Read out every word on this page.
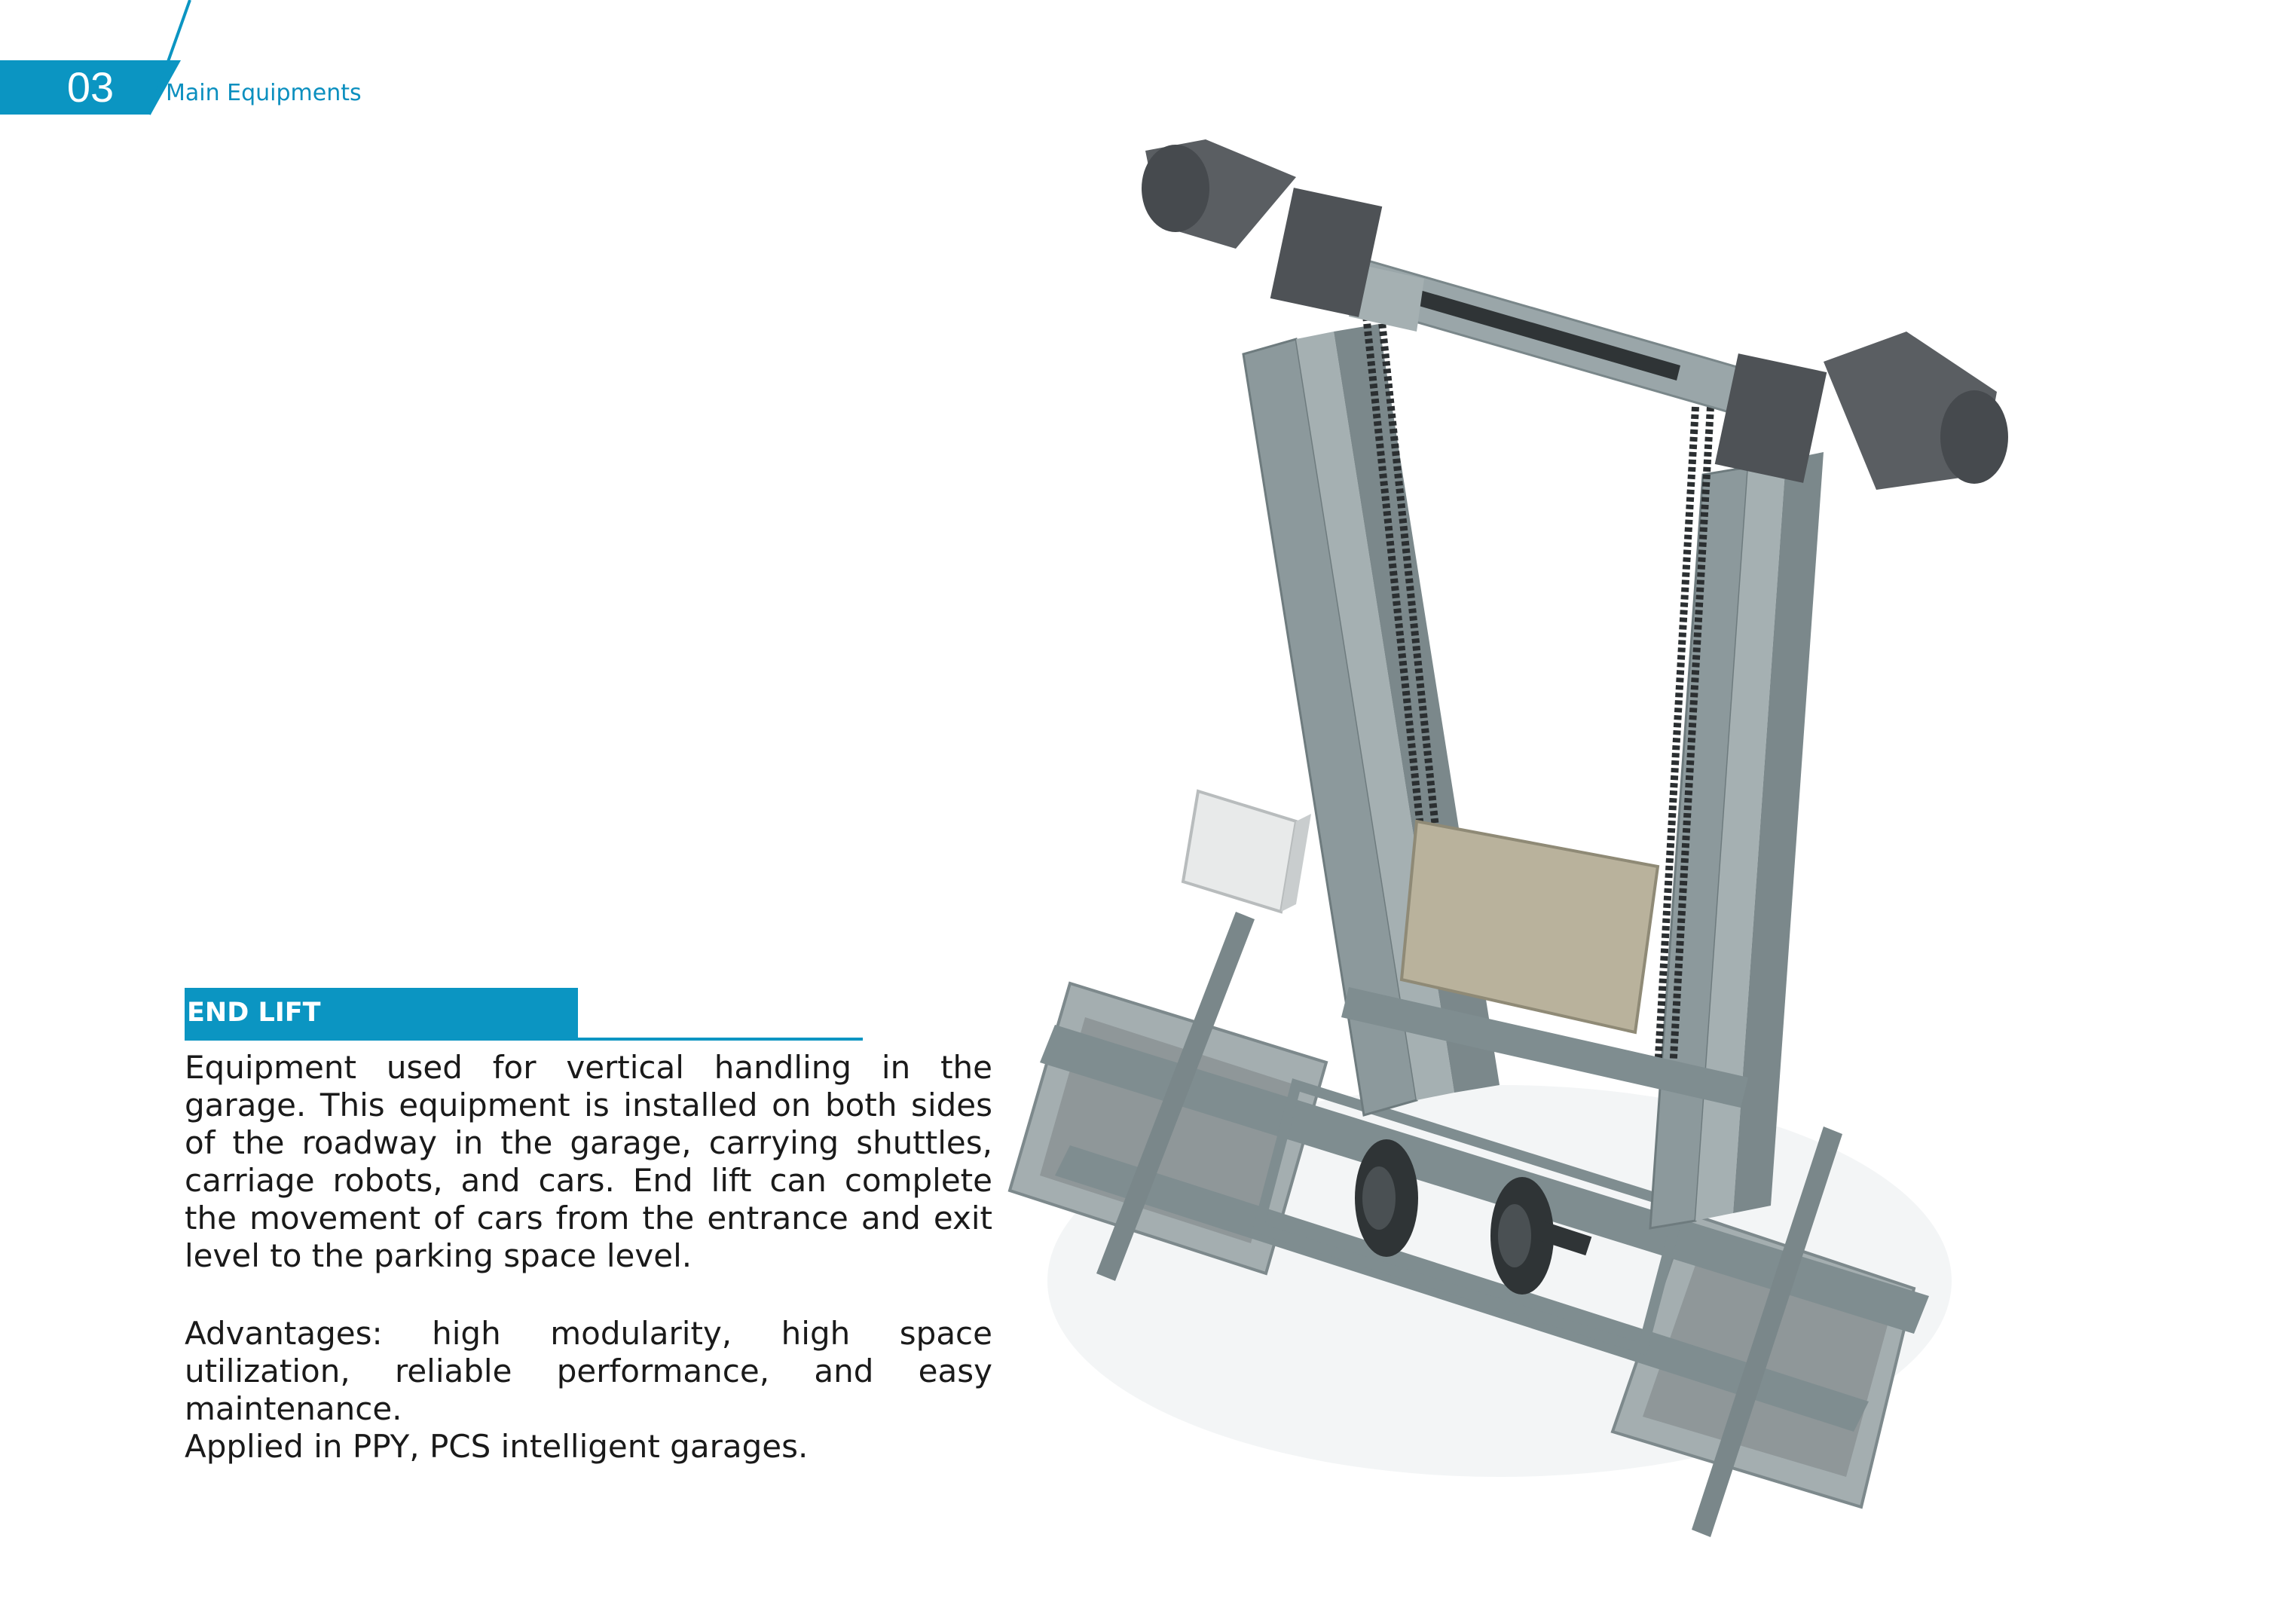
03	Main Equipments
END LIFT

Equipment used for vertical handling in the garage. This equipment is installed on both sides of the roadway in the garage, carrying shuttles, carriage robots, and cars. End lift can complete the movement of cars from the entrance and exit level to the parking space level.

Advantages: high modularity, high space utilization, reliable performance, and easy maintenance.

Applied in PPY, PCS intelligent garages.
